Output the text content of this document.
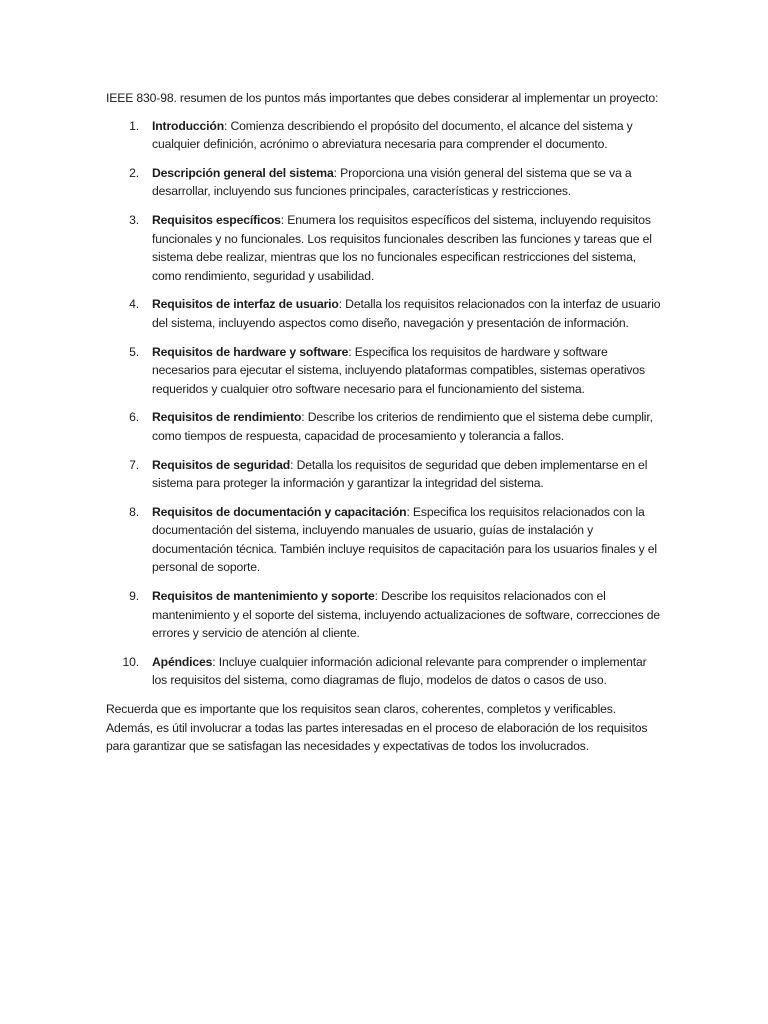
IEEE 830-98. resumen de los puntos más importantes que debes considerar al implementar un proyecto:

1. Introducción: Comienza describiendo el propósito del documento, el alcance del sistema y cualquier definición, acrónimo o abreviatura necesaria para comprender el documento.
2. Descripción general del sistema: Proporciona una visión general del sistema que se va a desarrollar, incluyendo sus funciones principales, características y restricciones.
3. Requisitos específicos: Enumera los requisitos específicos del sistema, incluyendo requisitos funcionales y no funcionales. Los requisitos funcionales describen las funciones y tareas que el sistema debe realizar, mientras que los no funcionales especifican restricciones del sistema, como rendimiento, seguridad y usabilidad.
4. Requisitos de interfaz de usuario: Detalla los requisitos relacionados con la interfaz de usuario del sistema, incluyendo aspectos como diseño, navegación y presentación de información.
5. Requisitos de hardware y software: Especifica los requisitos de hardware y software necesarios para ejecutar el sistema, incluyendo plataformas compatibles, sistemas operativos requeridos y cualquier otro software necesario para el funcionamiento del sistema.
6. Requisitos de rendimiento: Describe los criterios de rendimiento que el sistema debe cumplir, como tiempos de respuesta, capacidad de procesamiento y tolerancia a fallos.
7. Requisitos de seguridad: Detalla los requisitos de seguridad que deben implementarse en el sistema para proteger la información y garantizar la integridad del sistema.
8. Requisitos de documentación y capacitación: Especifica los requisitos relacionados con la documentación del sistema, incluyendo manuales de usuario, guías de instalación y documentación técnica. También incluye requisitos de capacitación para los usuarios finales y el personal de soporte.
9. Requisitos de mantenimiento y soporte: Describe los requisitos relacionados con el mantenimiento y el soporte del sistema, incluyendo actualizaciones de software, correcciones de errores y servicio de atención al cliente.
10. Apéndices: Incluye cualquier información adicional relevante para comprender o implementar los requisitos del sistema, como diagramas de flujo, modelos de datos o casos de uso.

Recuerda que es importante que los requisitos sean claros, coherentes, completos y verificables. Además, es útil involucrar a todas las partes interesadas en el proceso de elaboración de los requisitos para garantizar que se satisfagan las necesidades y expectativas de todos los involucrados.
